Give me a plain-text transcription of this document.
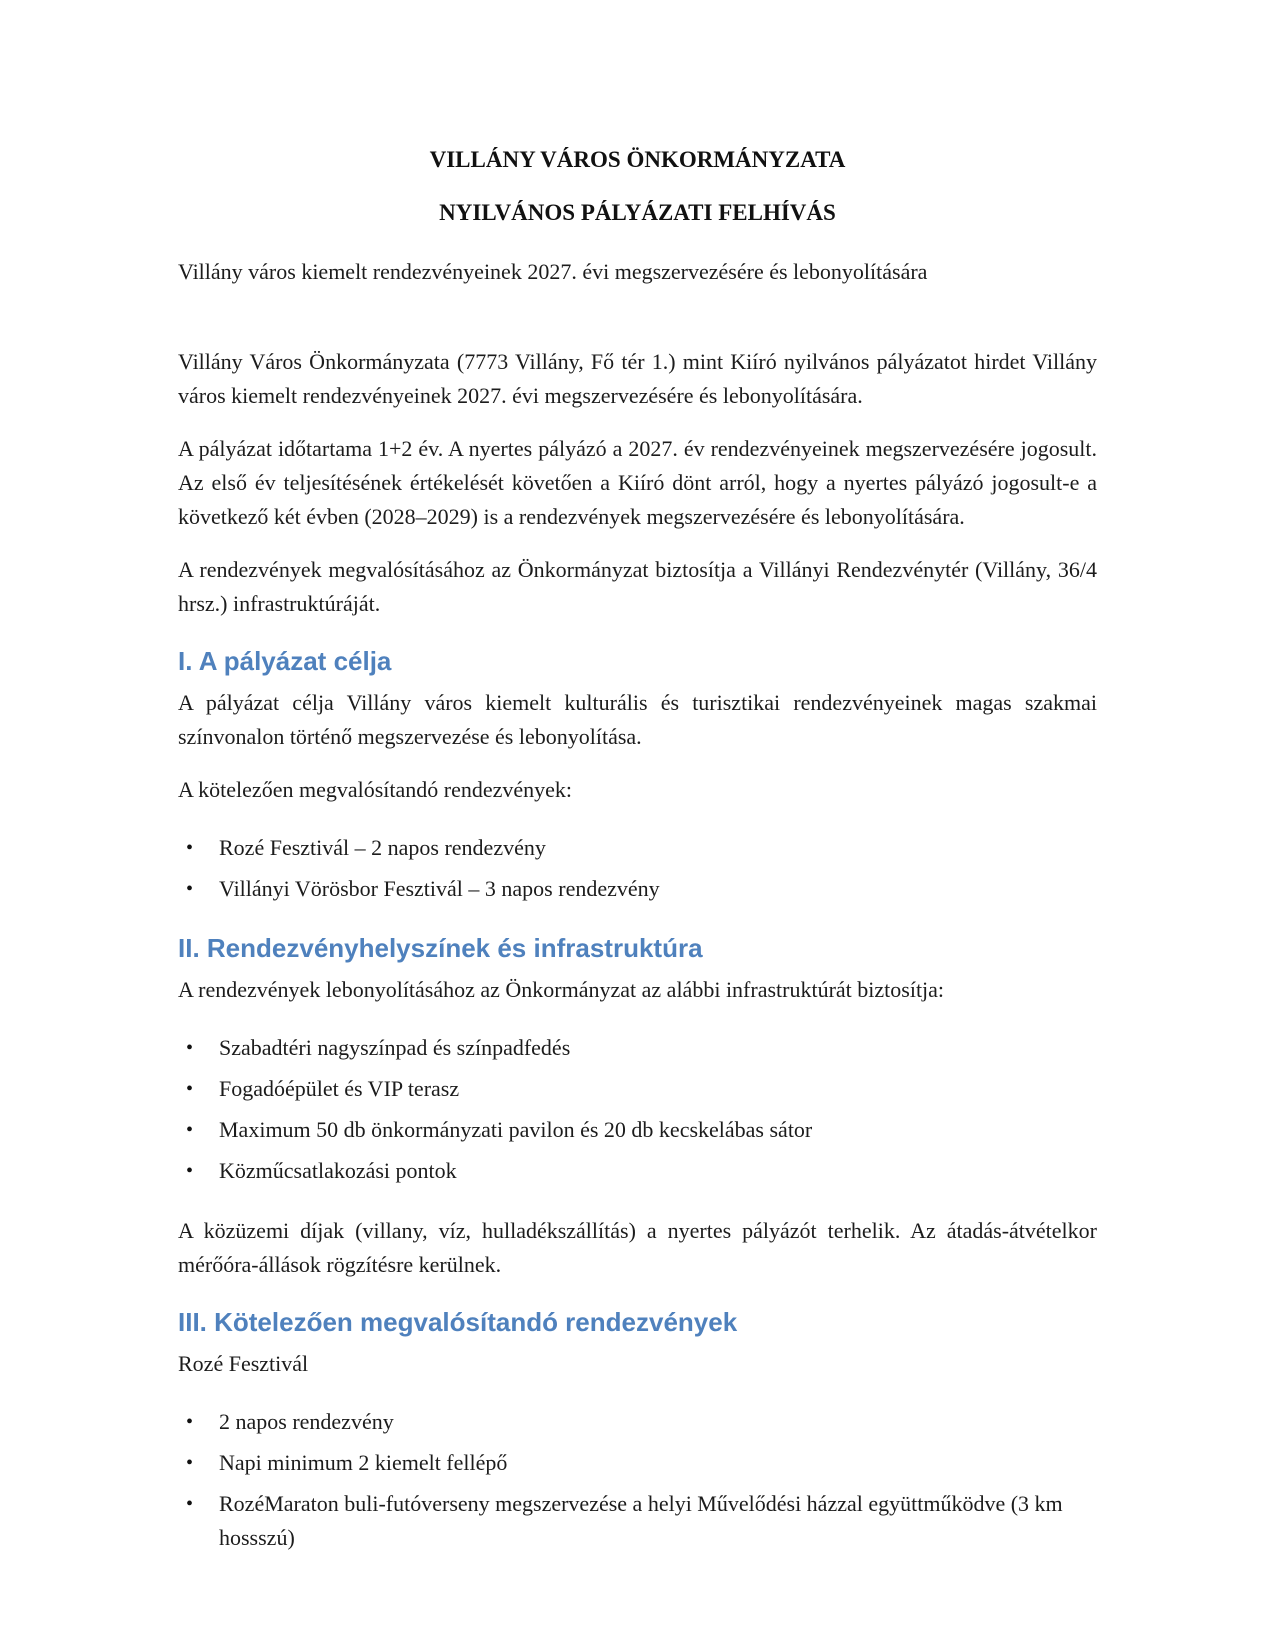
VILLÁNY VÁROS ÖNKORMÁNYZATA
NYILVÁNOS PÁLYÁZATI FELHÍVÁS

Villány város kiemelt rendezvényeinek 2027. évi megszervezésére és lebonyolítására

Villány Város Önkormányzata (7773 Villány, Fő tér 1.) mint Kiíró nyilvános pályázatot hirdet Villány város kiemelt rendezvényeinek 2027. évi megszervezésére és lebonyolítására.

A pályázat időtartama 1+2 év. A nyertes pályázó a 2027. év rendezvényeinek megszervezésére jogosult. Az első év teljesítésének értékelését követően a Kiíró dönt arról, hogy a nyertes pályázó jogosult-e a következő két évben (2028–2029) is a rendezvények megszervezésére és lebonyolítására.

A rendezvények megvalósításához az Önkormányzat biztosítja a Villányi Rendezvénytér (Villány, 36/4 hrsz.) infrastruktúráját.

I. A pályázat célja

A pályázat célja Villány város kiemelt kulturális és turisztikai rendezvényeinek magas szakmai színvonalon történő megszervezése és lebonyolítása.

A kötelezően megvalósítandó rendezvények:

•	Rozé Fesztivál – 2 napos rendezvény
•	Villányi Vörösbor Fesztivál – 3 napos rendezvény
II. Rendezvényhelyszínek és infrastruktúra

A rendezvények lebonyolításához az Önkormányzat az alábbi infrastruktúrát biztosítja:

•	Szabadtéri nagyszínpad és színpadfedés
•	Fogadóépület és VIP terasz
•	Maximum 50 db önkormányzati pavilon és 20 db kecskelábas sátor
•	Közműcsatlakozási pontok

A közüzemi díjak (villany, víz, hulladékszállítás) a nyertes pályázót terhelik. Az átadás-átvételkor mérőóra-állások rögzítésre kerülnek.

III. Kötelezően megvalósítandó rendezvények

Rozé Fesztivál

•	2 napos rendezvény
•	Napi minimum 2 kiemelt fellépő
•	RozéMaraton buli-futóverseny megszervezése a helyi Művelődési házzal együttműködve (3 km hossszú)
